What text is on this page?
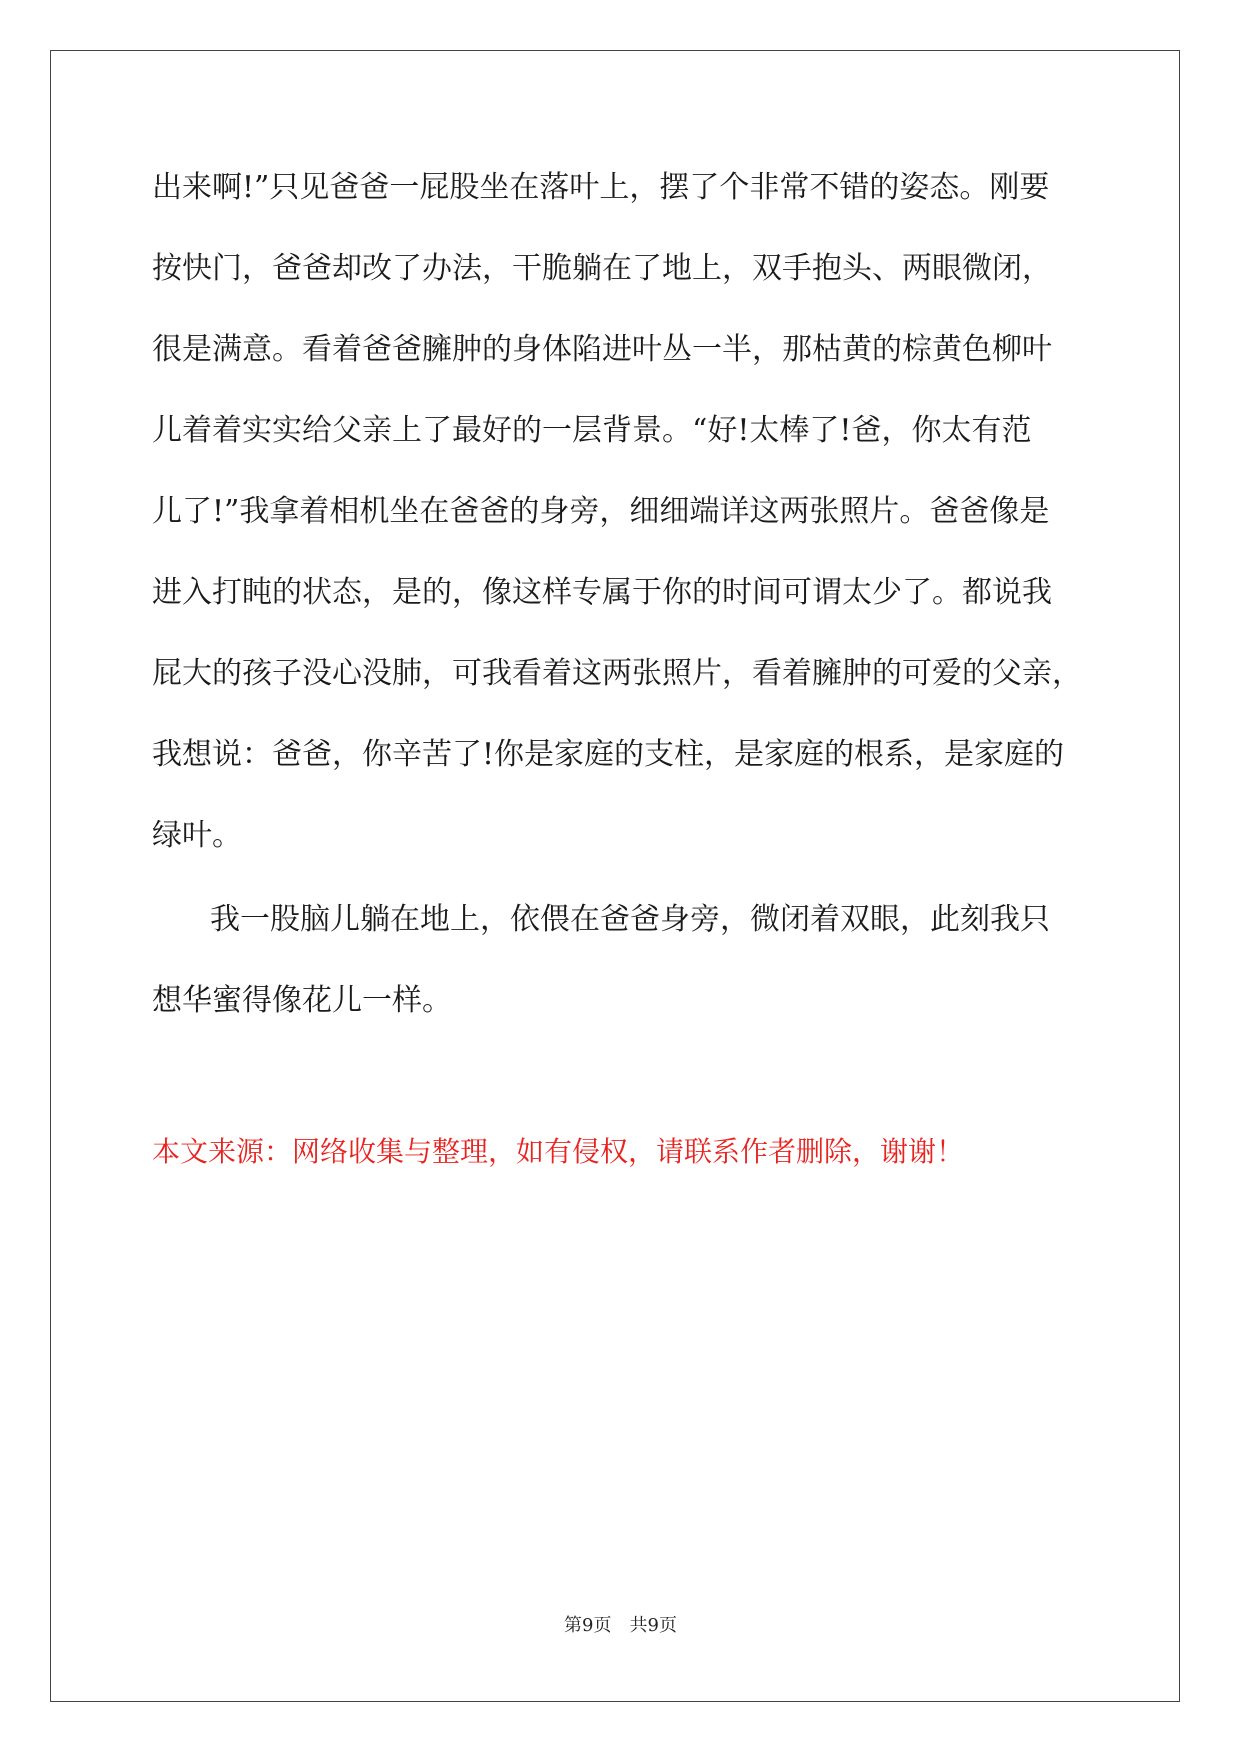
出来啊!”只见爸爸一屁股坐在落叶上，摆了个非常不错的姿态。刚要
按快门，爸爸却改了办法，干脆躺在了地上，双手抱头、两眼微闭，
很是满意。看着爸爸臃肿的身体陷进叶丛一半，那枯黄的棕黄色柳叶
儿着着实实给父亲上了最好的一层背景。“好!太棒了!爸，你太有范
儿了!”我拿着相机坐在爸爸的身旁，细细端详这两张照片。爸爸像是
进入打盹的状态，是的，像这样专属于你的时间可谓太少了。都说我
屁大的孩子没心没肺，可我看着这两张照片，看着臃肿的可爱的父亲，
我想说：爸爸，你辛苦了!你是家庭的支柱，是家庭的根系，是家庭的
绿叶。
我一股脑儿躺在地上，依偎在爸爸身旁，微闭着双眼，此刻我只
想华蜜得像花儿一样。
本文来源：网络收集与整理，如有侵权，请联系作者删除，谢谢！
第9页　共9页
